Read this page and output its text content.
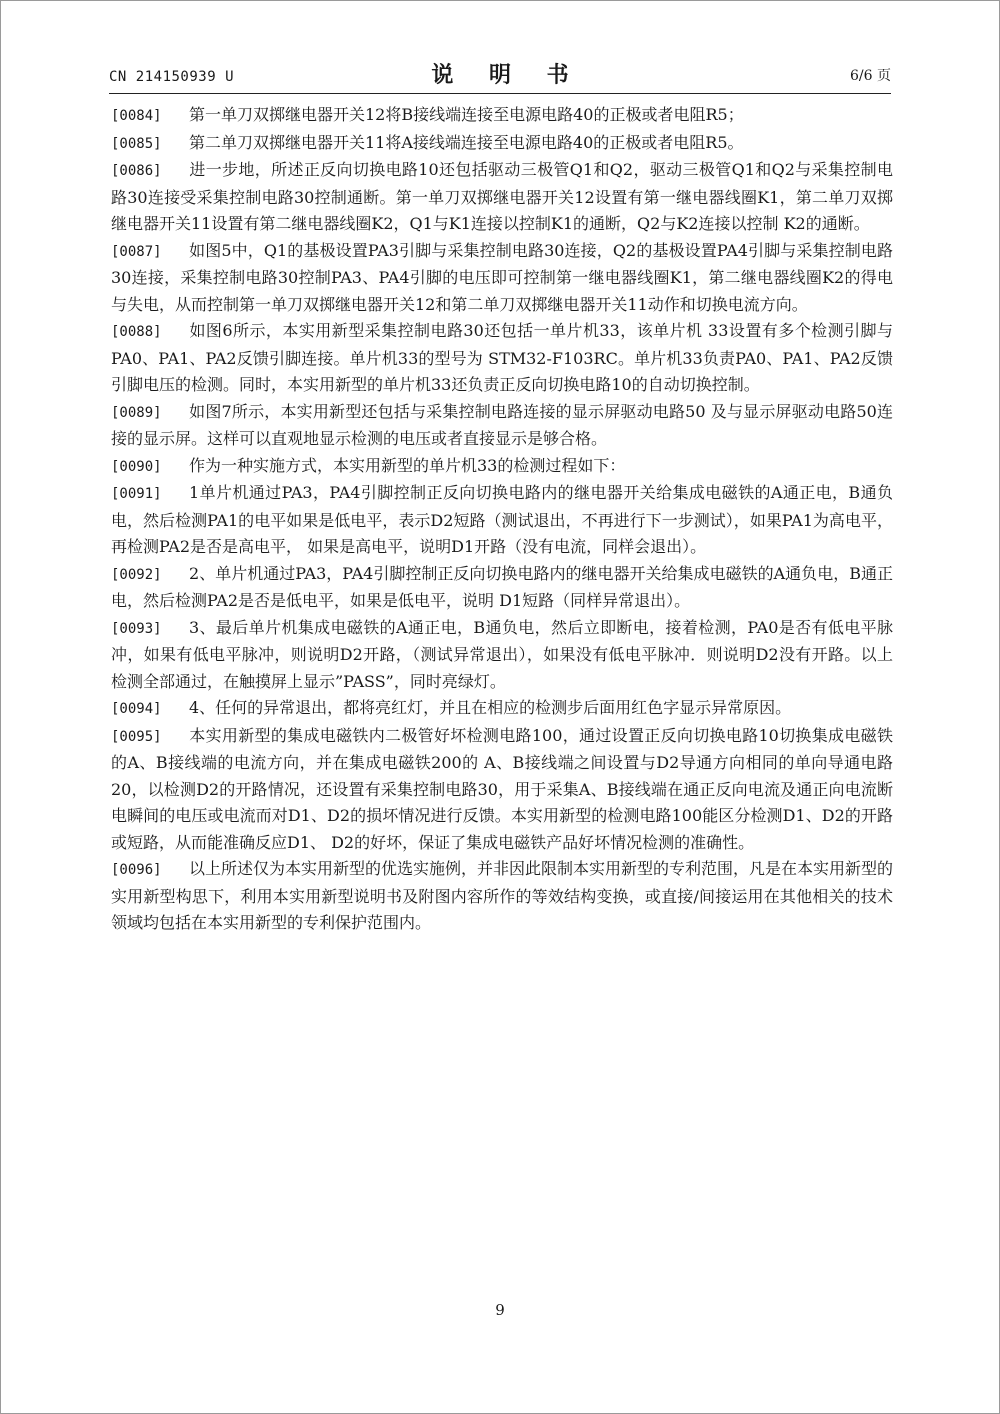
CN 214150939 U	说 明 书	6/6 页

[0084] 第一单刀双掷继电器开关12将B接线端连接至电源电路40的正极或者电阻R5；

[0085] 第二单刀双掷继电器开关11将A接线端连接至电源电路40的正极或者电阻R5。

[0086] 进一步地，所述正反向切换电路10还包括驱动三极管Q1和Q2，驱动三极管Q1和Q2与采集控制电路30连接受采集控制电路30控制通断。第一单刀双掷继电器开关12设置有第一继电器线圈K1，第二单刀双掷继电器开关11设置有第二继电器线圈K2，Q1与K1连接以控制K1的通断，Q2与K2连接以控制 K2的通断。

[0087] 如图5中，Q1的基极设置PA3引脚与采集控制电路30连接，Q2的基极设置PA4引脚与采集控制电路30连接，采集控制电路30控制PA3、PA4引脚的电压即可控制第一继电器线圈K1，第二继电器线圈K2的得电与失电，从而控制第一单刀双掷继电器开关12和第二单刀双掷继电器开关11动作和切换电流方向。

[0088] 如图6所示，本实用新型采集控制电路30还包括一单片机33，该单片机 33设置有多个检测引脚与PA0、PA1、PA2反馈引脚连接。单片机33的型号为 STM32-F103RC。单片机33负责PA0、PA1、PA2反馈引脚电压的检测。同时，本实用新型的单片机33还负责正反向切换电路10的自动切换控制。

[0089] 如图7所示，本实用新型还包括与采集控制电路连接的显示屏驱动电路50 及与显示屏驱动电路50连接的显示屏。这样可以直观地显示检测的电压或者直接显示是够合格。

[0090] 作为一种实施方式，本实用新型的单片机33的检测过程如下：

[0091] 1单片机通过PA3，PA4引脚控制正反向切换电路内的继电器开关给集成电磁铁的A通正电，B通负电，然后检测PA1的电平如果是低电平，表示D2短路（测试退出，不再进行下一步测试），如果PA1为高电平，再检测PA2是否是高电平， 如果是高电平，说明D1开路（没有电流，同样会退出）。

[0092] 2、单片机通过PA3，PA4引脚控制正反向切换电路内的继电器开关给集成电磁铁的A通负电，B通正电，然后检测PA2是否是低电平，如果是低电平，说明 D1短路（同样异常退出）。

[0093] 3、最后单片机集成电磁铁的A通正电，B通负电，然后立即断电，接着检测，PA0是否有低电平脉冲，如果有低电平脉冲，则说明D2开路，（测试异常退出），如果没有低电平脉冲．则说明D2没有开路。以上检测全部通过，在触摸屏上显示”PASS”，同时亮绿灯。

[0094] 4、任何的异常退出，都将亮红灯，并且在相应的检测步后面用红色字显示异常原因。

[0095] 本实用新型的集成电磁铁内二极管好坏检测电路100，通过设置正反向切换电路10切换集成电磁铁的A、B接线端的电流方向，并在集成电磁铁200的 A、B接线端之间设置与D2导通方向相同的单向导通电路20，以检测D2的开路情况，还设置有采集控制电路30，用于采集A、B接线端在通正反向电流及通正向电流断电瞬间的电压或电流而对D1、D2的损坏情况进行反馈。本实用新型的检测电路100能区分检测D1、D2的开路或短路，从而能准确反应D1、 D2的好坏，保证了集成电磁铁产品好坏情况检测的准确性。

[0096] 以上所述仅为本实用新型的优选实施例，并非因此限制本实用新型的专利范围，凡是在本实用新型的实用新型构思下，利用本实用新型说明书及附图内容所作的等效结构变换，或直接/间接运用在其他相关的技术领域均包括在本实用新型的专利保护范围内。

9
